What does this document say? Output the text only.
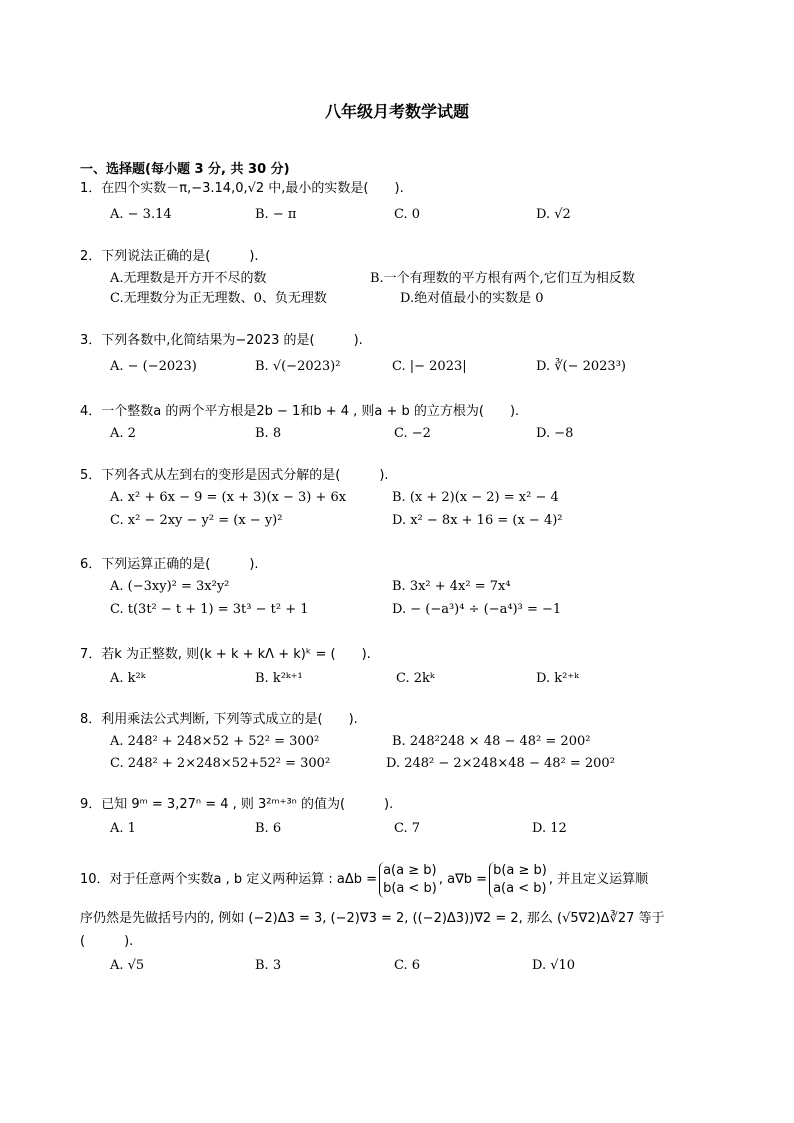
八年级月考数学试题
一、选择题(每小题 3 分, 共 30 分)
1．在四个实数－π,−3.14,0,√2 中,最小的实数是(　　).
A. − 3.14	B. − π	C. 0	D. √2
2．下列说法正确的是(　　　).
A.无理数是开方开不尽的数	B.一个有理数的平方根有两个,它们互为相反数
C.无理数分为正无理数、0、负无理数	D.绝对值最小的实数是 0
3．下列各数中,化简结果为−2023 的是(　　　).
A. − (−2023)	B. √(−2023)²	C. |− 2023|	D. ∛(− 2023³)
4．一个整数a 的两个平方根是2b − 1和b + 4 , 则a + b 的立方根为(　　).
A. 2	B. 8	C. −2	D. −8
5．下列各式从左到右的变形是因式分解的是(　　　).
A. x² + 6x − 9 = (x + 3)(x − 3) + 6x	B. (x + 2)(x − 2) = x² − 4
C. x² − 2xy − y² = (x − y)²	D. x² − 8x + 16 = (x − 4)²
6．下列运算正确的是(　　　).
A. (−3xy)² = 3x²y²	B. 3x² + 4x² = 7x⁴
C. t(3t² − t + 1) = 3t³ − t² + 1	D. − (−a³)⁴ ÷ (−a⁴)³ = −1
7．若k 为正整数, 则(k + k + kΛ + k)ᵏ = (　　).
A. k²ᵏ	B. k²ᵏ⁺¹	C. 2kᵏ	D. k²⁺ᵏ
8．利用乘法公式判断, 下列等式成立的是(　　).
A. 248² + 248×52 + 52² = 300²	B. 248²248 × 48 − 48² = 200²
C. 248² + 2×248×52+52² = 300²	D. 248² − 2×248×48 − 48² = 200²
9．已知 9ᵐ = 3,27ⁿ = 4 , 则 3²ᵐ⁺³ⁿ 的值为(　　　).
A. 1	B. 6	C. 7	D. 12
10．对于任意两个实数a , b 定义两种运算 : aΔb =
a(a ≥ b)
b(a < b)
, a∇b =
b(a ≥ b)
a(a < b)
, 并且定义运算顺
序仍然是先做括号内的, 例如 (−2)Δ3 = 3, (−2)∇3 = 2, ((−2)Δ3))∇2 = 2, 那么 (√5∇2)Δ∛27 等于
(　　　).
A. √5	B. 3	C. 6	D. √10
